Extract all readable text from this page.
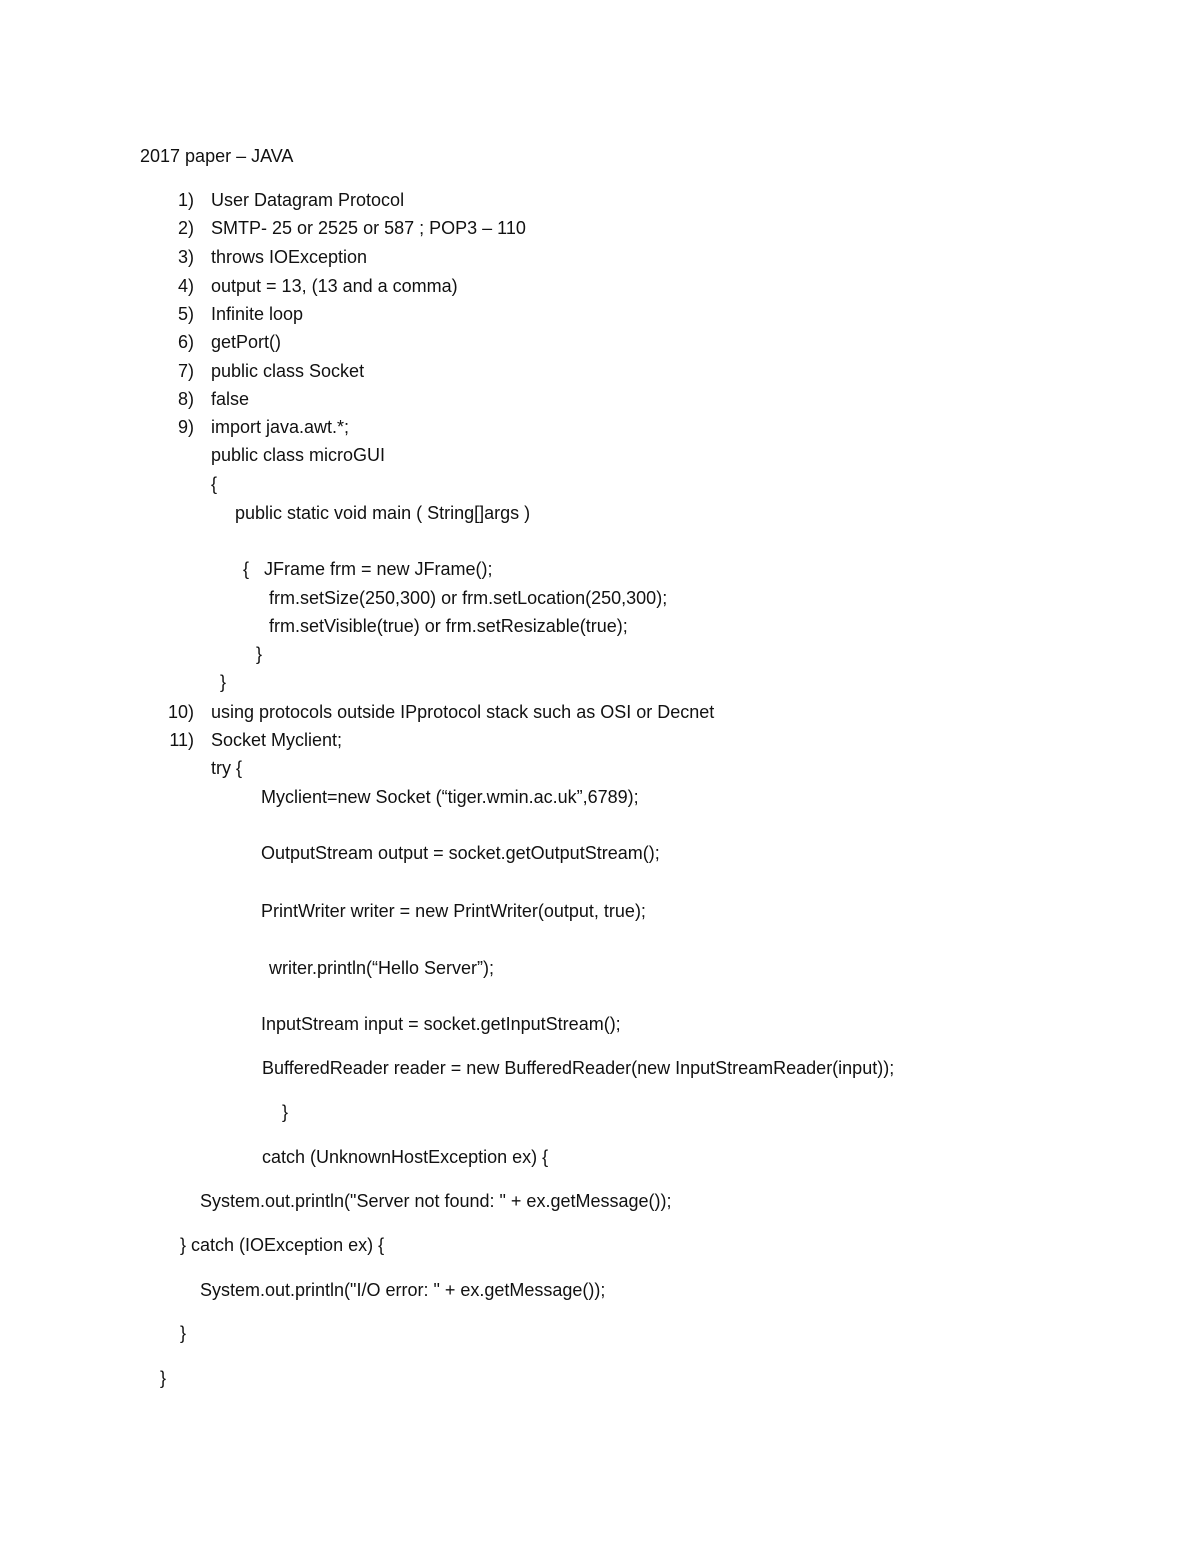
2017 paper – JAVA
1) User Datagram Protocol
2) SMTP- 25 or 2525 or 587 ; POP3 – 110
3) throws IOException
4) output = 13, (13 and a comma)
5) Infinite loop
6) getPort()
7) public class Socket
8) false
9) import java.awt.*;
public class microGUI
{
public static void main ( String[]args )
{   JFrame frm = new JFrame();
frm.setSize(250,300) or frm.setLocation(250,300);
frm.setVisible(true) or frm.setResizable(true);
}
}
10) using protocols outside IPprotocol stack such as OSI or Decnet
11) Socket Myclient;
try {
Myclient=new Socket (“tiger.wmin.ac.uk”,6789);
OutputStream output = socket.getOutputStream();
PrintWriter writer = new PrintWriter(output, true);
writer.println(“Hello Server”);
InputStream input = socket.getInputStream();
BufferedReader reader = new BufferedReader(new InputStreamReader(input));
}
catch (UnknownHostException ex) {
System.out.println("Server not found: " + ex.getMessage());
} catch (IOException ex) {
System.out.println("I/O error: " + ex.getMessage());
}
}
